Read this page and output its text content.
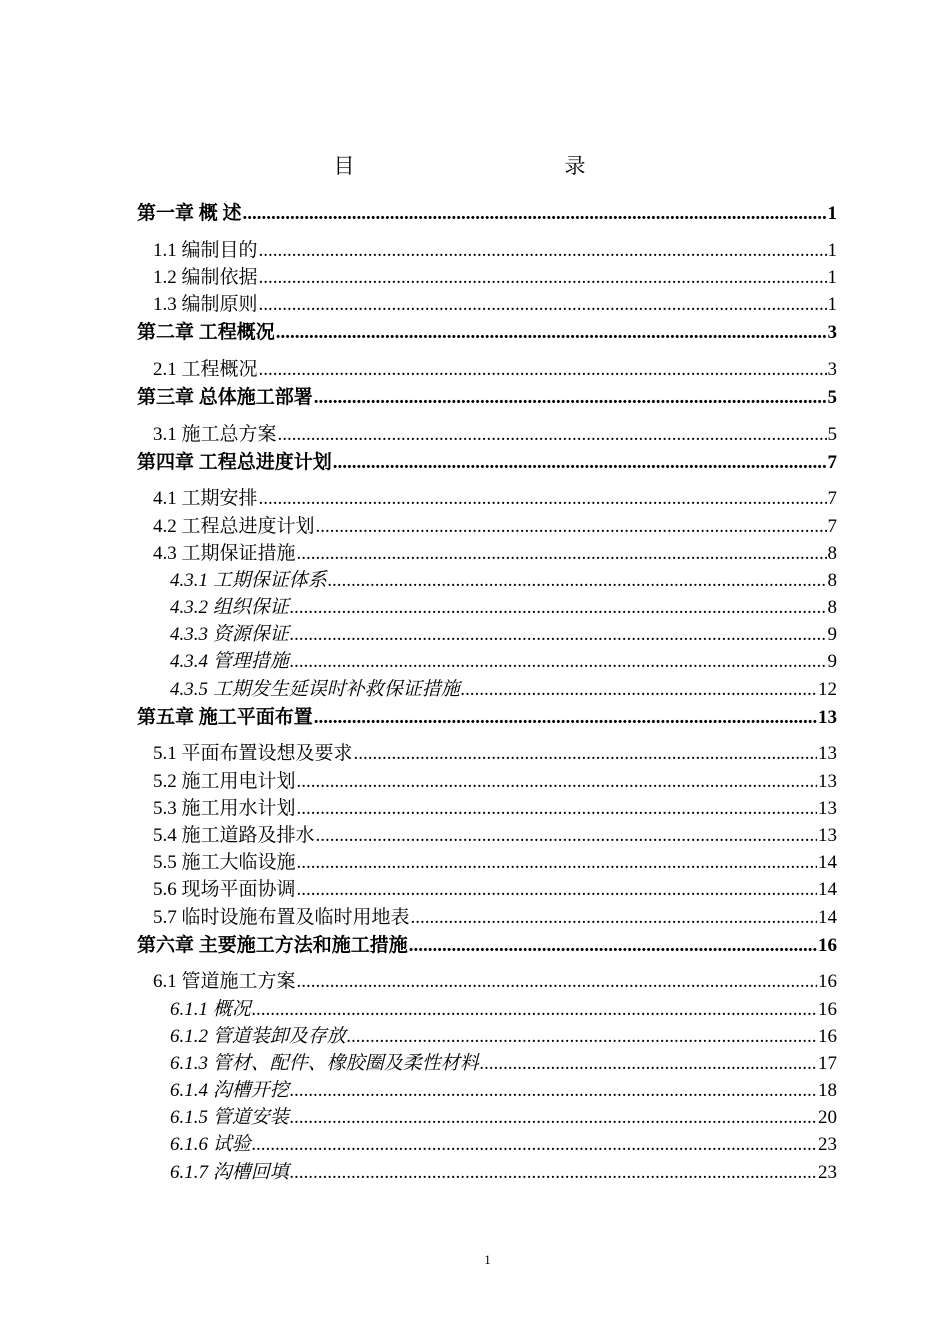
目　　录
第一章 概 述 .....	1
1.1 编制目的 .....	1
1.2 编制依据 .....	1
1.3 编制原则 .....	1
第二章 工程概况 .....	3
2.1 工程概况 .....	3
第三章 总体施工部署 .....	5
3.1 施工总方案 .....	5
第四章 工程总进度计划 .....	7
4.1 工期安排 .....	7
4.2 工程总进度计划 .....	7
4.3 工期保证措施 .....	8
4.3.1 工期保证体系 .....	8
4.3.2 组织保证 .....	8
4.3.3 资源保证 .....	9
4.3.4 管理措施 .....	9
4.3.5 工期发生延误时补救保证措施 .....	12
第五章 施工平面布置 .....	13
5.1 平面布置设想及要求 .....	13
5.2 施工用电计划 .....	13
5.3 施工用水计划 .....	13
5.4 施工道路及排水 .....	13
5.5 施工大临设施 .....	14
5.6 现场平面协调 .....	14
5.7 临时设施布置及临时用地表 .....	14
第六章 主要施工方法和施工措施 .....	16
6.1 管道施工方案 .....	16
6.1.1 概况 .....	16
6.1.2 管道装卸及存放 .....	16
6.1.3 管材、配件、橡胶圈及柔性材料 .....	17
6.1.4 沟槽开挖 .....	18
6.1.5 管道安装 .....	20
6.1.6 试验 .....	23
6.1.7 沟槽回填 .....	23
1
